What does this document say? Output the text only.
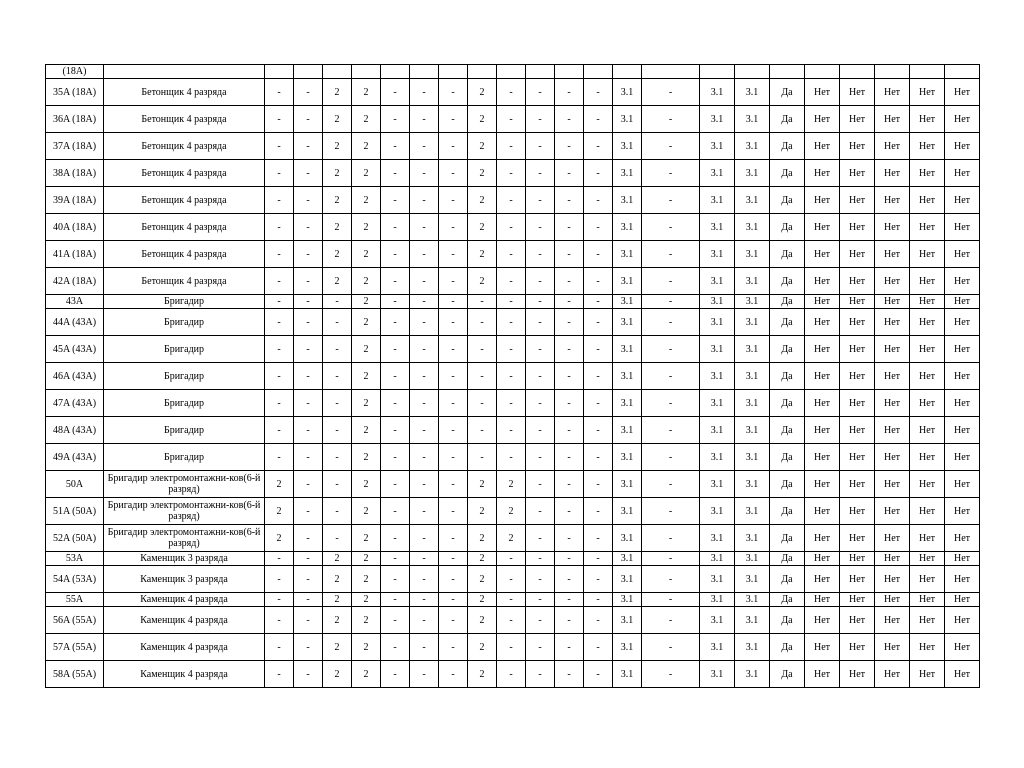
(18A)																							
35A (18A)	Бетонщик 4 разряда	-	-	2	2	-	-	-	2	-	-	-	-	3.1	-	3.1	3.1	Да	Нет	Нет	Нет	Нет	Нет
36A (18A)	Бетонщик 4 разряда	-	-	2	2	-	-	-	2	-	-	-	-	3.1	-	3.1	3.1	Да	Нет	Нет	Нет	Нет	Нет
37A (18A)	Бетонщик 4 разряда	-	-	2	2	-	-	-	2	-	-	-	-	3.1	-	3.1	3.1	Да	Нет	Нет	Нет	Нет	Нет
38A (18A)	Бетонщик 4 разряда	-	-	2	2	-	-	-	2	-	-	-	-	3.1	-	3.1	3.1	Да	Нет	Нет	Нет	Нет	Нет
39A (18A)	Бетонщик 4 разряда	-	-	2	2	-	-	-	2	-	-	-	-	3.1	-	3.1	3.1	Да	Нет	Нет	Нет	Нет	Нет
40A (18A)	Бетонщик 4 разряда	-	-	2	2	-	-	-	2	-	-	-	-	3.1	-	3.1	3.1	Да	Нет	Нет	Нет	Нет	Нет
41A (18A)	Бетонщик 4 разряда	-	-	2	2	-	-	-	2	-	-	-	-	3.1	-	3.1	3.1	Да	Нет	Нет	Нет	Нет	Нет
42A (18A)	Бетонщик 4 разряда	-	-	2	2	-	-	-	2	-	-	-	-	3.1	-	3.1	3.1	Да	Нет	Нет	Нет	Нет	Нет
43A	Бригадир	-	-	-	2	-	-	-	-	-	-	-	-	3.1	-	3.1	3.1	Да	Нет	Нет	Нет	Нет	Нет
44A (43A)	Бригадир	-	-	-	2	-	-	-	-	-	-	-	-	3.1	-	3.1	3.1	Да	Нет	Нет	Нет	Нет	Нет
45A (43A)	Бригадир	-	-	-	2	-	-	-	-	-	-	-	-	3.1	-	3.1	3.1	Да	Нет	Нет	Нет	Нет	Нет
46A (43A)	Бригадир	-	-	-	2	-	-	-	-	-	-	-	-	3.1	-	3.1	3.1	Да	Нет	Нет	Нет	Нет	Нет
47A (43A)	Бригадир	-	-	-	2	-	-	-	-	-	-	-	-	3.1	-	3.1	3.1	Да	Нет	Нет	Нет	Нет	Нет
48A (43A)	Бригадир	-	-	-	2	-	-	-	-	-	-	-	-	3.1	-	3.1	3.1	Да	Нет	Нет	Нет	Нет	Нет
49A (43A)	Бригадир	-	-	-	2	-	-	-	-	-	-	-	-	3.1	-	3.1	3.1	Да	Нет	Нет	Нет	Нет	Нет
50A	Бригадир электромонтажни-ков(6-й разряд)	2	-	-	2	-	-	-	2	2	-	-	-	3.1	-	3.1	3.1	Да	Нет	Нет	Нет	Нет	Нет
51A (50A)	Бригадир электромонтажни-ков(6-й разряд)	2	-	-	2	-	-	-	2	2	-	-	-	3.1	-	3.1	3.1	Да	Нет	Нет	Нет	Нет	Нет
52A (50A)	Бригадир электромонтажни-ков(6-й разряд)	2	-	-	2	-	-	-	2	2	-	-	-	3.1	-	3.1	3.1	Да	Нет	Нет	Нет	Нет	Нет
53A	Каменщик 3 разряда	-	-	2	2	-	-	-	2	-	-	-	-	3.1	-	3.1	3.1	Да	Нет	Нет	Нет	Нет	Нет
54A (53A)	Каменщик 3 разряда	-	-	2	2	-	-	-	2	-	-	-	-	3.1	-	3.1	3.1	Да	Нет	Нет	Нет	Нет	Нет
55A	Каменщик 4 разряда	-	-	2	2	-	-	-	2	-	-	-	-	3.1	-	3.1	3.1	Да	Нет	Нет	Нет	Нет	Нет
56A (55A)	Каменщик 4 разряда	-	-	2	2	-	-	-	2	-	-	-	-	3.1	-	3.1	3.1	Да	Нет	Нет	Нет	Нет	Нет
57A (55A)	Каменщик 4 разряда	-	-	2	2	-	-	-	2	-	-	-	-	3.1	-	3.1	3.1	Да	Нет	Нет	Нет	Нет	Нет
58A (55A)	Каменщик 4 разряда	-	-	2	2	-	-	-	2	-	-	-	-	3.1	-	3.1	3.1	Да	Нет	Нет	Нет	Нет	Нет
